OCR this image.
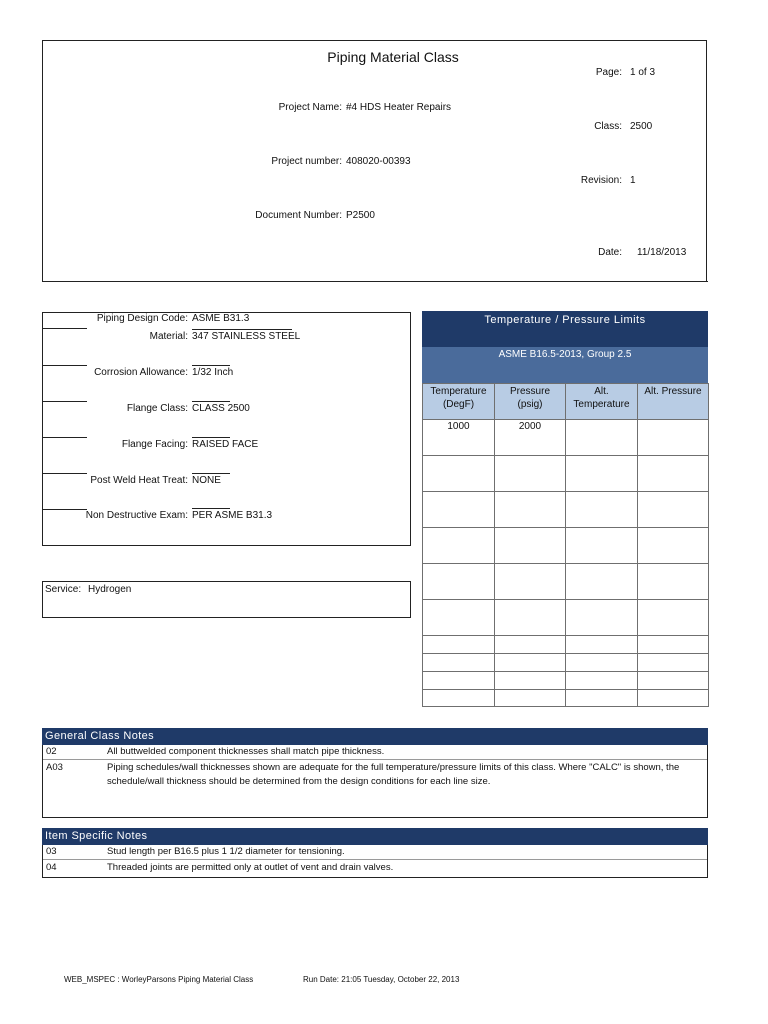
Piping Material Class
Project Name: #4 HDS Heater Repairs
Project number: 408020-00393
Document Number: P2500
Page: 1 of 3
Class: 2500
Revision: 1
Date: 11/18/2013
Piping Design Code: ASME B31.3
Material: 347 STAINLESS STEEL
Corrosion Allowance: 1/32 Inch
Flange Class: CLASS 2500
Flange Facing: RAISED FACE
Post Weld Heat Treat: NONE
Non Destructive Exam: PER ASME B31.3
Service: Hydrogen
Temperature / Pressure Limits
ASME B16.5-2013, Group 2.5
Temperature (DegF)	Pressure (psig)	Alt. Temperature	Alt. Pressure
1000	2000		

General Class Notes
02	All buttwelded component thicknesses shall match pipe thickness.
A03	Piping schedules/wall thicknesses shown are adequate for the full temperature/pressure limits of this class. Where "CALC" is shown, the schedule/wall thickness should be determined from the design conditions for each line size.
Item Specific Notes
03	Stud length per B16.5 plus 1 1/2 diameter for tensioning.
04	Threaded joints are permitted only at outlet of vent and drain valves.
WEB_MSPEC : WorleyParsons Piping Material Class	Run Date: 21:05 Tuesday, October 22, 2013
